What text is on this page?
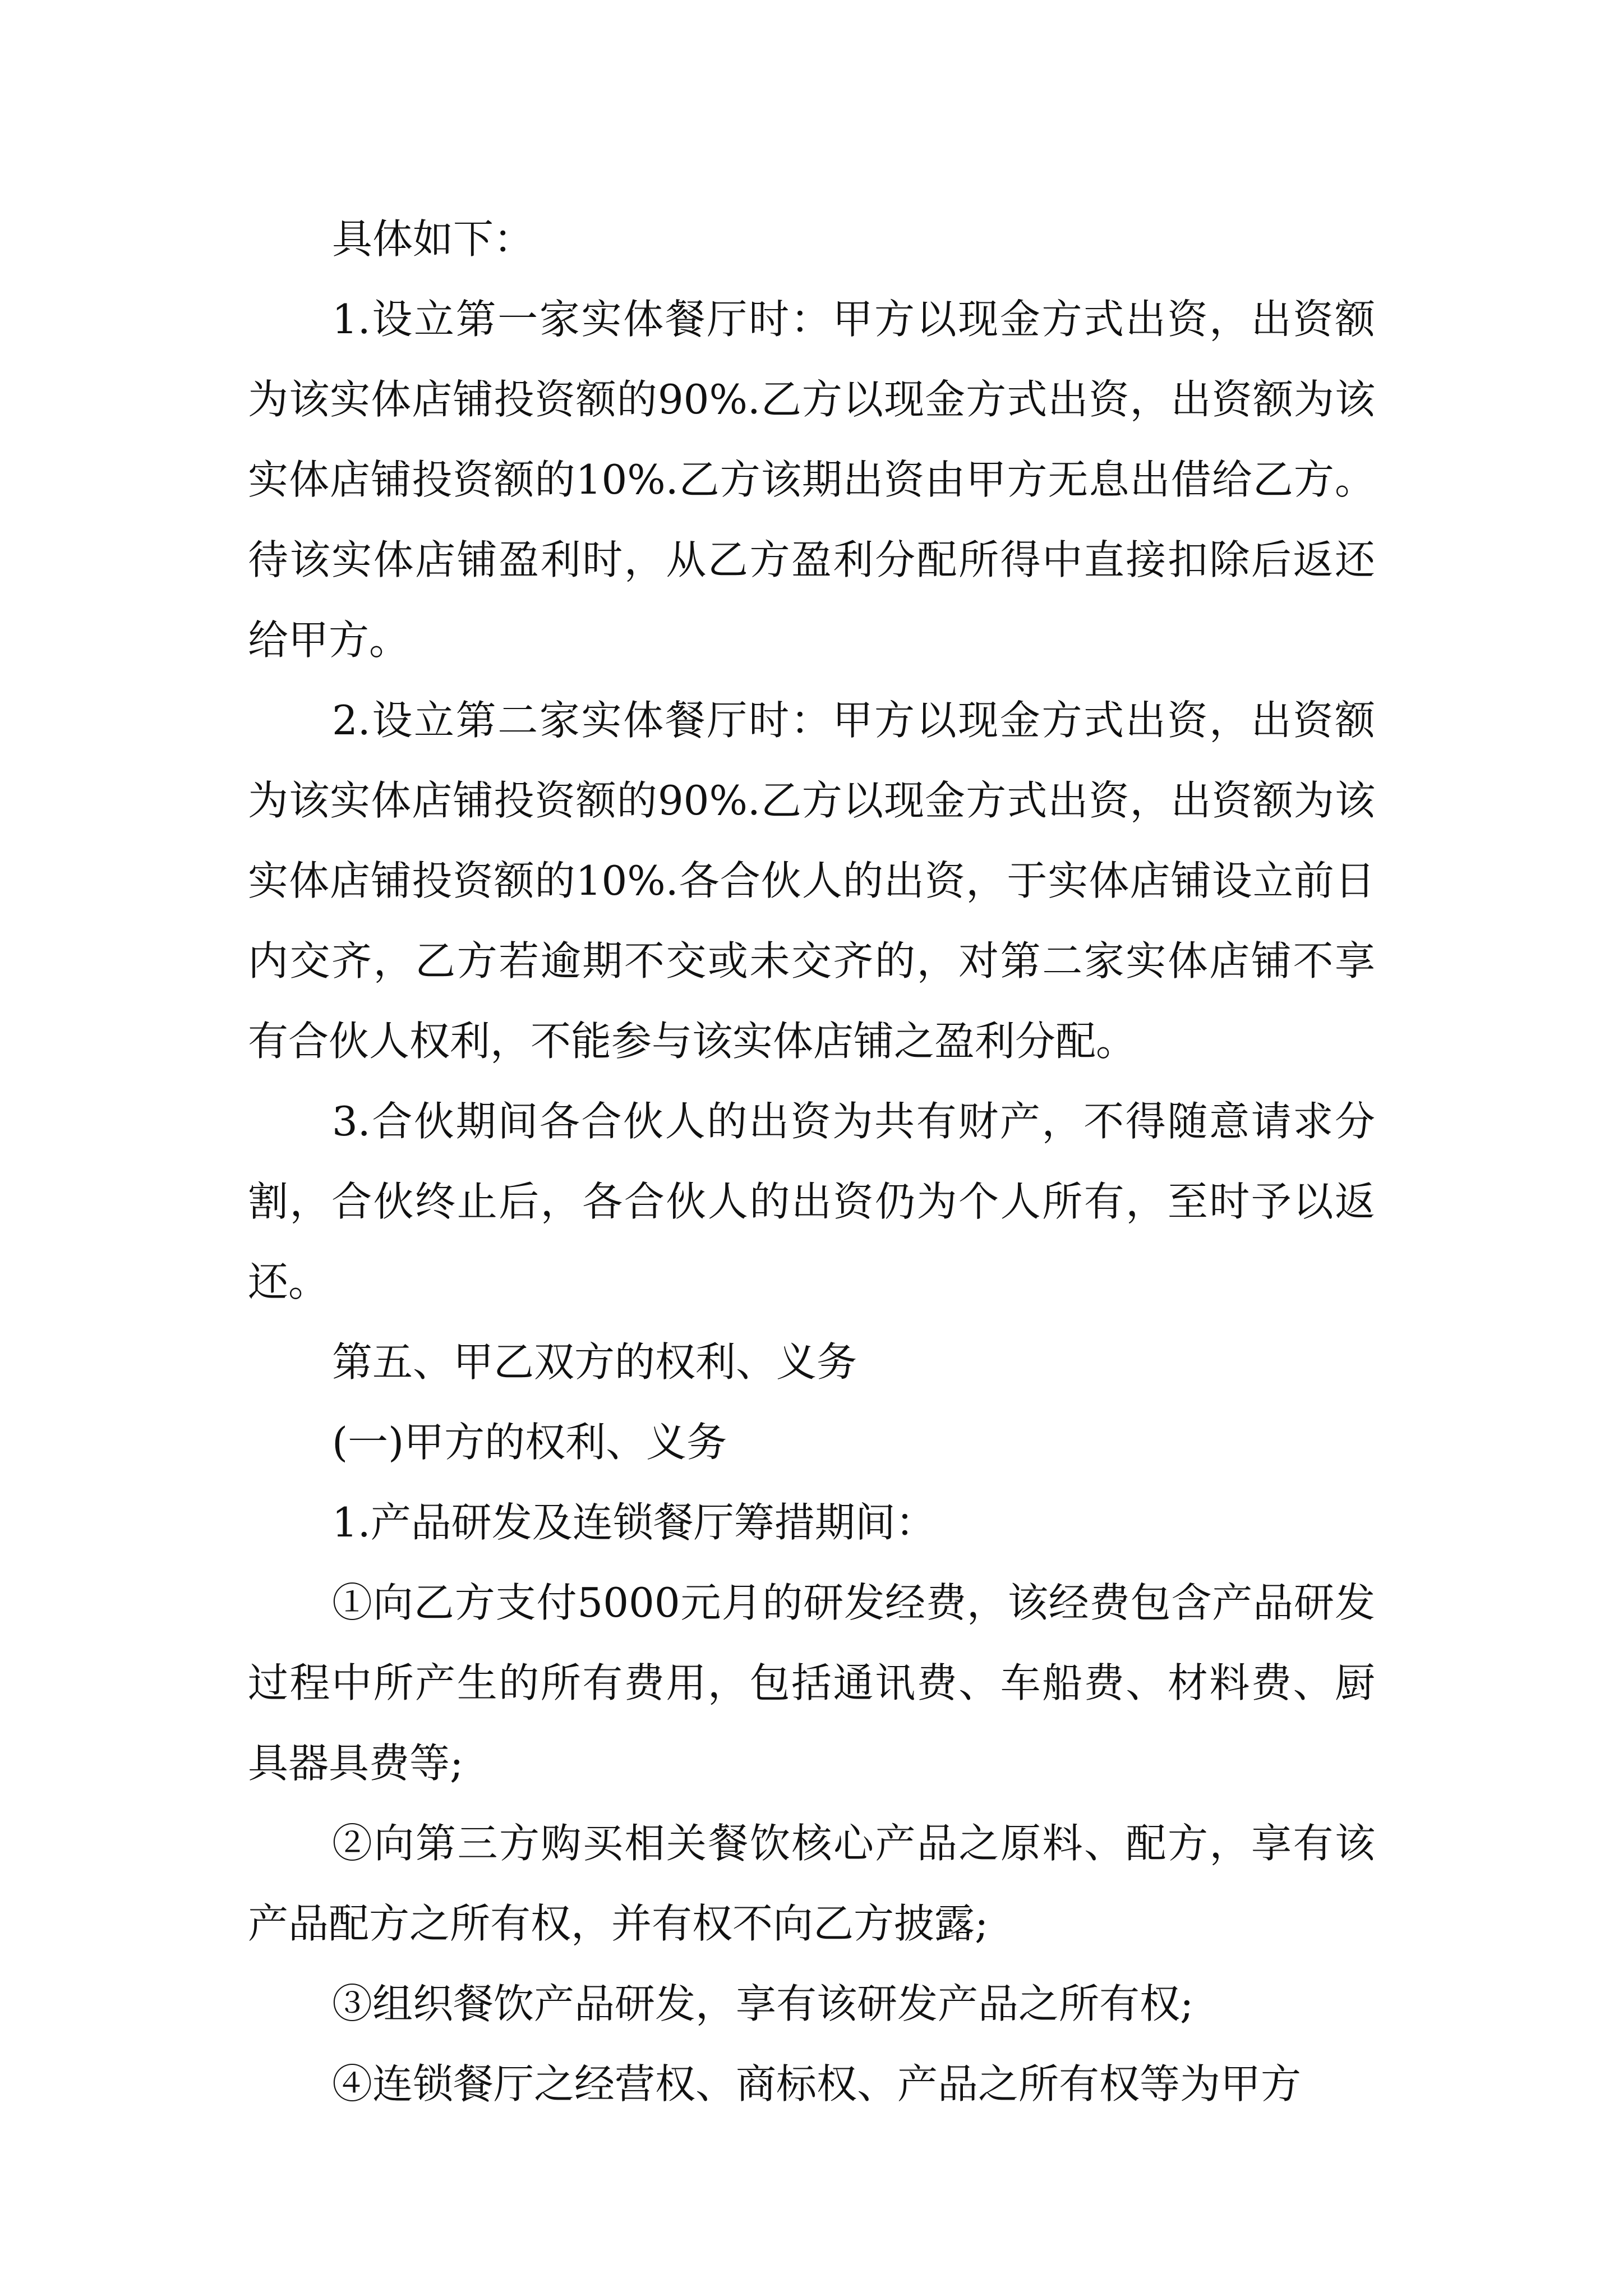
具体如下：

1.设立第一家实体餐厅时：甲方以现金方式出资，出资额为该实体店铺投资额的90%.乙方以现金方式出资，出资额为该实体店铺投资额的10%.乙方该期出资由甲方无息出借给乙方。待该实体店铺盈利时，从乙方盈利分配所得中直接扣除后返还给甲方。

2.设立第二家实体餐厅时：甲方以现金方式出资，出资额为该实体店铺投资额的90%.乙方以现金方式出资，出资额为该实体店铺投资额的10%.各合伙人的出资，于实体店铺设立前日内交齐，乙方若逾期不交或未交齐的，对第二家实体店铺不享有合伙人权利，不能参与该实体店铺之盈利分配。

3.合伙期间各合伙人的出资为共有财产，不得随意请求分割，合伙终止后，各合伙人的出资仍为个人所有，至时予以返还。

第五、甲乙双方的权利、义务

(一)甲方的权利、义务

1.产品研发及连锁餐厅筹措期间：

①向乙方支付5000元月的研发经费，该经费包含产品研发过程中所产生的所有费用，包括通讯费、车船费、材料费、厨具器具费等;

②向第三方购买相关餐饮核心产品之原料、配方，享有该产品配方之所有权，并有权不向乙方披露;

③组织餐饮产品研发，享有该研发产品之所有权;

④连锁餐厅之经营权、商标权、产品之所有权等为甲方
